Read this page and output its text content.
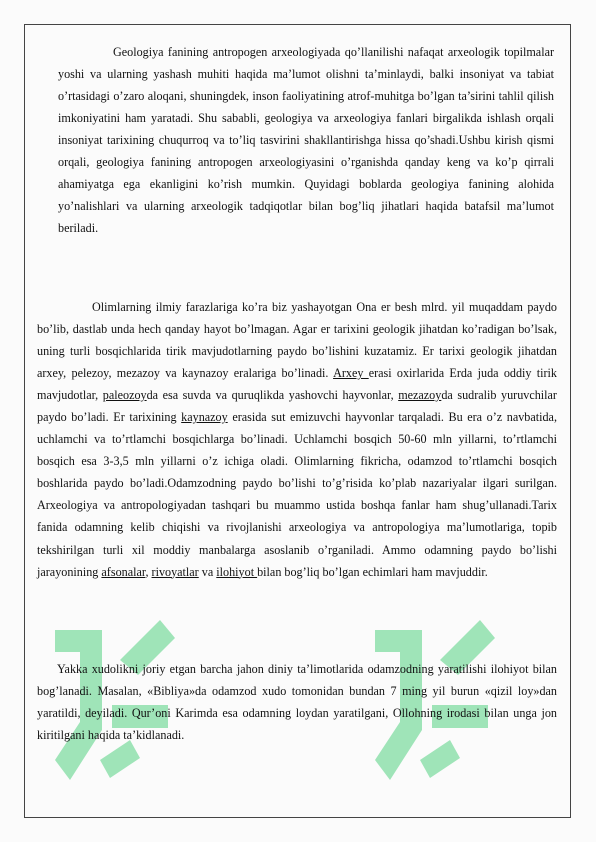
Geologiya fanining antropogen arxeologiyada qo’llanilishi nafaqat arxeologik topilmalar yoshi va ularning yashash muhiti haqida ma’lumot olishni ta’minlaydi, balki insoniyat va tabiat o’rtasidagi o’zaro aloqani, shuningdek, inson faoliyatining atrof-muhitga bo’lgan ta’sirini tahlil qilish imkoniyatini ham yaratadi. Shu sababli, geologiya va arxeologiya fanlari birgalikda ishlash orqali insoniyat tarixining chuqurroq va to’liq tasvirini shakllantirishga hissa qo’shadi.Ushbu kirish qismi orqali, geologiya fanining antropogen arxeologiyasini o’rganishda qanday keng va ko’p qirrali ahamiyatga ega ekanligini ko’rish mumkin. Quyidagi boblarda geologiya fanining alohida yo’nalishlari va ularning arxeologik tadqiqotlar bilan bog’liq jihatlari haqida batafsil ma’lumot beriladi.

Olimlarning ilmiy farazlariga ko’ra biz yashayotgan Ona er besh mlrd. yil muqaddam paydo bo’lib, dastlab unda hech qanday hayot bo’lmagan. Agar er tarixini geologik jihatdan ko’radigan bo’lsak, uning turli bosqichlarida tirik mavjudotlarning paydo bo’lishini kuzatamiz. Er tarixi geologik jihatdan arxey, pelezoy, mezazoy va kaynazoy eralariga bo’linadi. Arxey erasi oxirlarida Erda juda oddiy tirik mavjudotlar, paleozoyda esa suvda va quruqlikda yashovchi hayvonlar, mezazoyda sudralib yuruvchilar paydo bo’ladi. Er tarixining kaynazoy erasida sut emizuvchi hayvonlar tarqaladi. Bu era o’z navbatida, uchlamchi va to’rtlamchi bosqichlarga bo’linadi. Uchlamchi bosqich 50-60 mln yillarni, to’rtlamchi bosqich esa 3-3,5 mln yillarni o’z ichiga oladi. Olimlarning fikricha, odamzod to’rtlamchi bosqich boshlarida paydo bo’ladi.Odamzodning paydo bo’lishi to’g’risida ko’plab nazariyalar ilgari surilgan. Arxeologiya va antropologiyadan tashqari bu muammo ustida boshqa fanlar ham shug’ullanadi.Tarix fanida odamning kelib chiqishi va rivojlanishi arxeologiya va antropologiya ma’lumotlariga, topib tekshirilgan turli xil moddiy manbalarga asoslanib o’rganiladi. Ammo odamning paydo bo’lishi jarayonining afsonalar, rivoyatlar va ilohiyot bilan bog’liq bo’lgan echimlari ham mavjuddir.

Yakka xudolikni joriy etgan barcha jahon diniy ta’limotlarida odamzodning yaratilishi ilohiyot bilan bog’lanadi. Masalan, «Bibliya»da odamzod xudo tomonidan bundan 7 ming yil burun «qizil loy»dan yaratildi, deyiladi. Qur’oni Karimda esa odamning loydan yaratilgani, Ollohning irodasi bilan unga jon kiritilgani haqida ta’kidlanadi.
